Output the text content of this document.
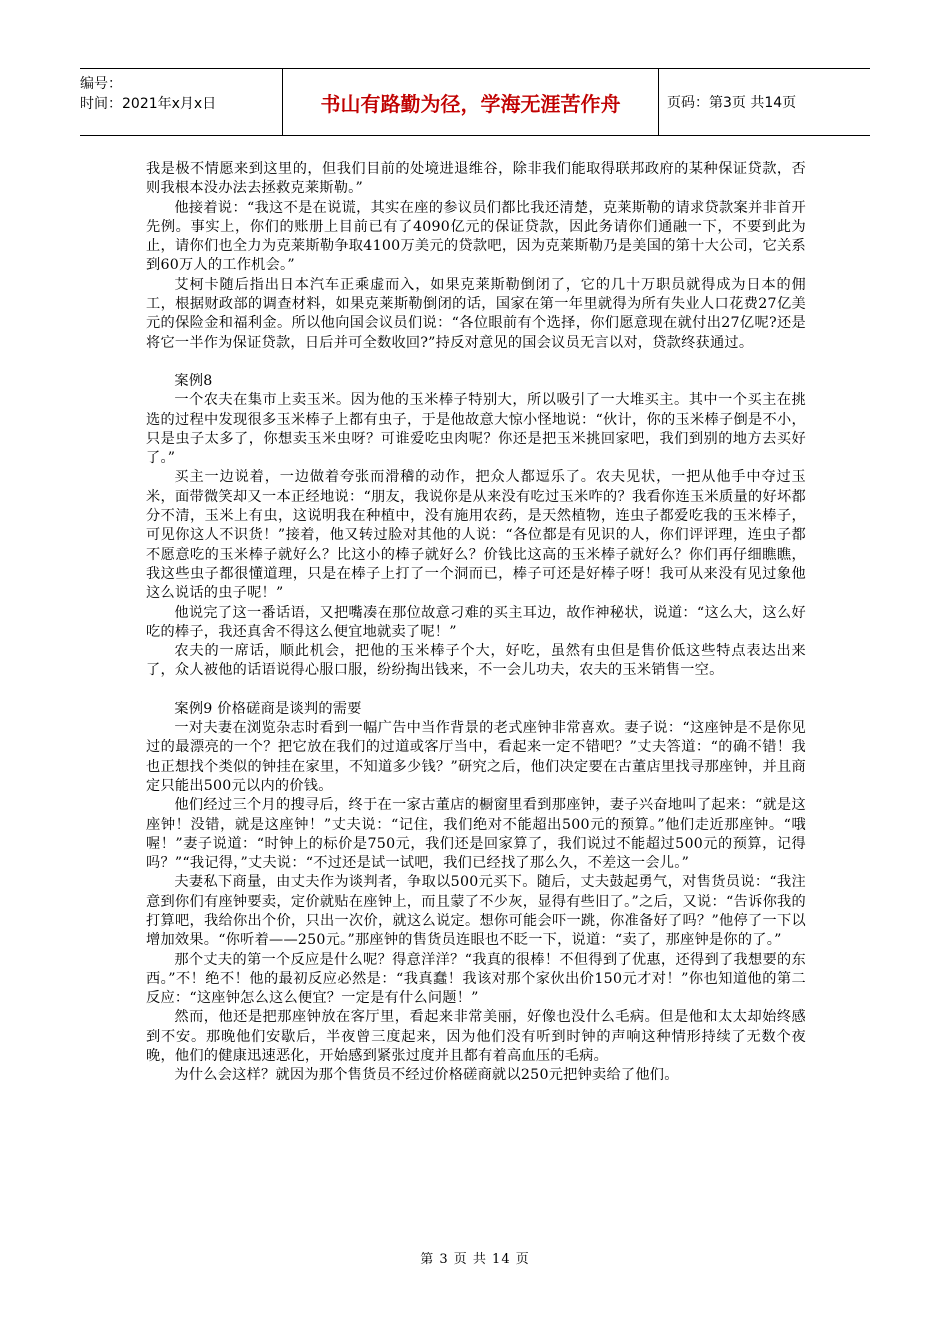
编号：
时间：2021年x月x日	书山有路勤为径，学海无涯苦作舟	页码：第3页 共14页

我是极不情愿来到这里的，但我们目前的处境进退维谷，除非我们能取得联邦政府的某种保证贷款，否则我根本没办法去拯救克莱斯勒。”

他接着说：“我这不是在说谎，其实在座的参议员们都比我还清楚，克莱斯勒的请求贷款案并非首开先例。事实上，你们的账册上目前已有了4090亿元的保证贷款，因此务请你们通融一下，不要到此为止，请你们也全力为克莱斯勒争取4100万美元的贷款吧，因为克莱斯勒乃是美国的第十大公司，它关系到60万人的工作机会。”

艾柯卡随后指出日本汽车正乘虚而入，如果克莱斯勒倒闭了，它的几十万职员就得成为日本的佣工，根据财政部的调查材料，如果克莱斯勒倒闭的话，国家在第一年里就得为所有失业人口花费27亿美元的保险金和福利金。所以他向国会议员们说：“各位眼前有个选择，你们愿意现在就付出27亿呢?还是将它一半作为保证贷款，日后并可全数收回?”持反对意见的国会议员无言以对，贷款终获通过。

案例8

一个农夫在集市上卖玉米。因为他的玉米棒子特别大，所以吸引了一大堆买主。其中一个买主在挑选的过程中发现很多玉米棒子上都有虫子，于是他故意大惊小怪地说：“伙计，你的玉米棒子倒是不小，只是虫子太多了，你想卖玉米虫呀？可谁爱吃虫肉呢？你还是把玉米挑回家吧，我们到别的地方去买好了。”

买主一边说着，一边做着夸张而滑稽的动作，把众人都逗乐了。农夫见状，一把从他手中夺过玉米，面带微笑却又一本正经地说：“朋友，我说你是从来没有吃过玉米咋的？我看你连玉米质量的好坏都分不清，玉米上有虫，这说明我在种植中，没有施用农药，是天然植物，连虫子都爱吃我的玉米棒子，可见你这人不识货！”接着，他又转过脸对其他的人说：“各位都是有见识的人，你们评评理，连虫子都不愿意吃的玉米棒子就好么？比这小的棒子就好么？价钱比这高的玉米棒子就好么？你们再仔细瞧瞧，我这些虫子都很懂道理，只是在棒子上打了一个洞而已，棒子可还是好棒子呀！我可从来没有见过象他这么说话的虫子呢！”

他说完了这一番话语，又把嘴凑在那位故意刁难的买主耳边，故作神秘状，说道：“这么大，这么好吃的棒子，我还真舍不得这么便宜地就卖了呢！”

农夫的一席话，顺此机会，把他的玉米棒子个大，好吃，虽然有虫但是售价低这些特点表达出来了，众人被他的话语说得心服口服，纷纷掏出钱来，不一会儿功夫，农夫的玉米销售一空。

案例9 价格磋商是谈判的需要

一对夫妻在浏览杂志时看到一幅广告中当作背景的老式座钟非常喜欢。妻子说：“这座钟是不是你见过的最漂亮的一个？把它放在我们的过道或客厅当中，看起来一定不错吧？”丈夫答道：“的确不错！我也正想找个类似的钟挂在家里，不知道多少钱？”研究之后，他们决定要在古董店里找寻那座钟，并且商定只能出500元以内的价钱。

他们经过三个月的搜寻后，终于在一家古董店的橱窗里看到那座钟，妻子兴奋地叫了起来：“就是这座钟！没错，就是这座钟！”丈夫说：“记住，我们绝对不能超出500元的预算。”他们走近那座钟。“哦喔！”妻子说道：“时钟上的标价是750元，我们还是回家算了，我们说过不能超过500元的预算，记得吗？”“我记得，”丈夫说：“不过还是试一试吧，我们已经找了那么久，不差这一会儿。”

夫妻私下商量，由丈夫作为谈判者，争取以500元买下。随后，丈夫鼓起勇气，对售货员说：“我注意到你们有座钟要卖，定价就贴在座钟上，而且蒙了不少灰，显得有些旧了。”之后，又说：“告诉你我的打算吧，我给你出个价，只出一次价，就这么说定。想你可能会吓一跳，你准备好了吗？”他停了一下以增加效果。“你听着——250元。”那座钟的售货员连眼也不眨一下，说道：“卖了，那座钟是你的了。”

那个丈夫的第一个反应是什么呢？得意洋洋？“我真的很棒！不但得到了优惠，还得到了我想要的东西。”不！绝不！他的最初反应必然是：“我真蠢！我该对那个家伙出价150元才对！”你也知道他的第二反应：“这座钟怎么这么便宜？一定是有什么问题！”

然而，他还是把那座钟放在客厅里，看起来非常美丽，好像也没什么毛病。但是他和太太却始终感到不安。那晚他们安歇后，半夜曾三度起来，因为他们没有听到时钟的声响这种情形持续了无数个夜晚，他们的健康迅速恶化，开始感到紧张过度并且都有着高血压的毛病。

为什么会这样？就因为那个售货员不经过价格磋商就以250元把钟卖给了他们。

第 3 页 共 14 页
